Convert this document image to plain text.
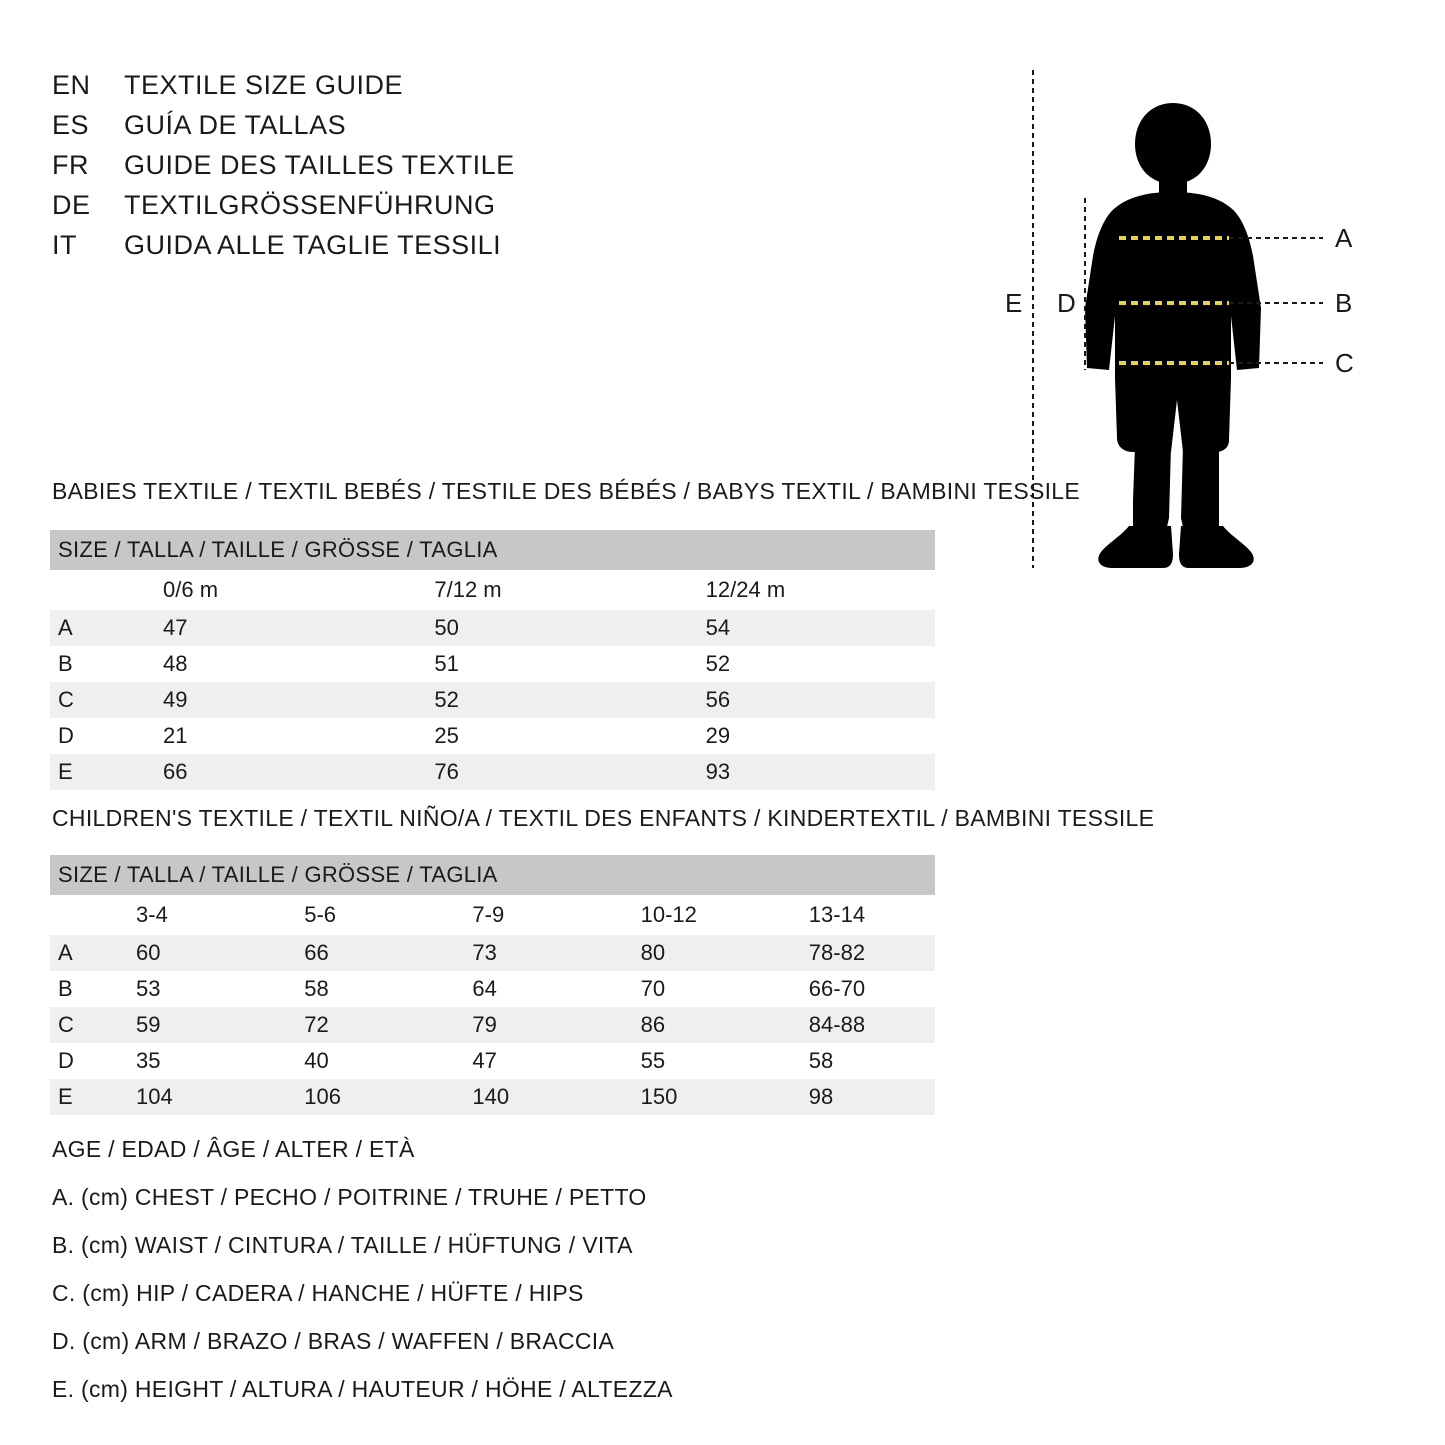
EN	TEXTILE SIZE GUIDE
ES	GUÍA DE TALLAS
FR	GUIDE DES TAILLES TEXTILE
DE	TEXTILGRÖSSENFÜHRUNG
IT	GUIDA ALLE TAGLIE TESSILI	A
B
C
D
E
BABIES TEXTILE / TEXTIL BEBÉS / TESTILE DES BÉBÉS / BABYS TEXTIL / BAMBINI TESSILE
SIZE / TALLA / TAILLE / GRÖSSE / TAGLIA			
	0/6 m	7/12 m	12/24 m
A	47	50	54
B	48	51	52
C	49	52	56
D	21	25	29
E	66	76	93
CHILDREN'S TEXTILE / TEXTIL NIÑO/A / TEXTIL DES ENFANTS / KINDERTEXTIL / BAMBINI TESSILE
SIZE / TALLA / TAILLE / GRÖSSE / TAGLIA					
	3-4	5-6	7-9	10-12	13-14
A	60	66	73	80	78-82
B	53	58	64	70	66-70
C	59	72	79	86	84-88
D	35	40	47	55	58
E	104	106	140	150	98
AGE / EDAD / ÂGE / ALTER / ETÀ
A. (cm) CHEST / PECHO / POITRINE / TRUHE / PETTO
B. (cm) WAIST / CINTURA / TAILLE / HÜFTUNG / VITA
C. (cm) HIP / CADERA / HANCHE / HÜFTE / HIPS
D. (cm) ARM / BRAZO / BRAS / WAFFEN / BRACCIA
E. (cm) HEIGHT / ALTURA / HAUTEUR / HÖHE / ALTEZZA
